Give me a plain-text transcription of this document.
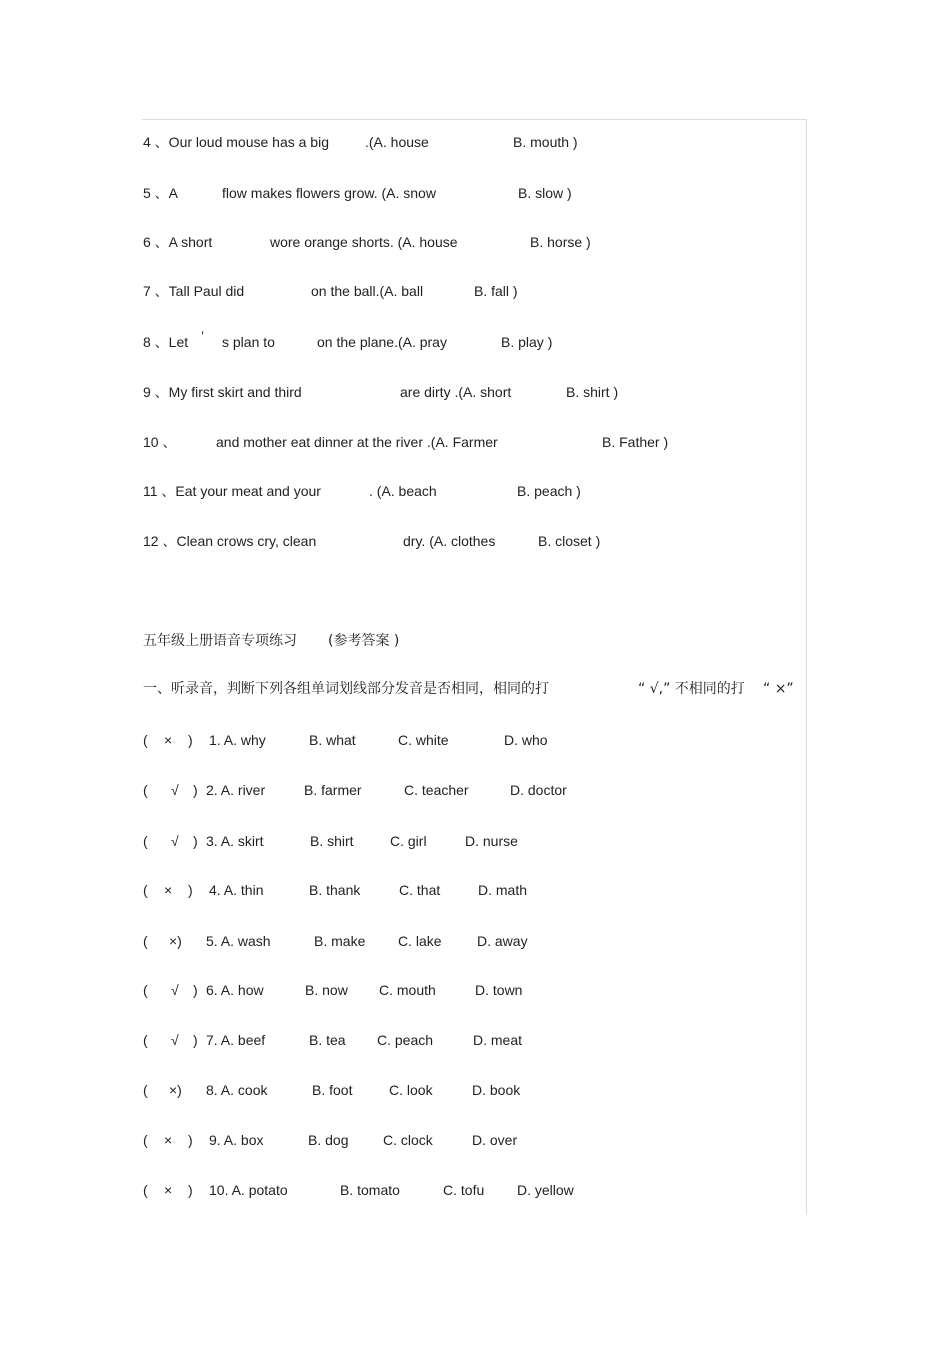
4 、Our loud mouse has a big	.(A. house	B. mouth )
5 、A	flow makes flowers grow. (A. snow	B. slow )
6 、A short	wore orange shorts. (A. house	B. horse )
7 、Tall Paul did	on the ball.(A. ball	B. fall )
8 、Let ’ s plan to	on the plane.(A. pray	B. play )
9 、My first skirt and third	are dirty .(A. short	B. shirt )
10 、	and mother eat dinner at the river .(A. Farmer	B. Father )
11 、Eat your meat and your	. (A. beach	B. peach )
12 、Clean crows cry, clean	dry. (A. clothes	B. closet )
五年级上册语音专项练习 (参考答案 )
一、听录音，判断下列各组单词划线部分发音是否相同，相同的打	“ √,” 不相同的打 “ ×”
( × ) 1. A. why	B. what	C. white	D. who
( √ ) 2. A. river	B. farmer	C. teacher	D. doctor
( √ ) 3. A. skirt	B. shirt	C. girl	D. nurse
( × ) 4. A. thin	B. thank	C. that	D. math
( ×) 5. A. wash	B. make C. lake	D. away
( √ ) 6. A. how	B. now C. mouth	D. town
( √ ) 7. A. beef	B. tea C. peach	D. meat
( ×) 8. A. cook	B. foot	C. look	D. book
( × ) 9. A. box	B. dog C. clock	D. over
( × ) 10. A. potato	B. tomato	C. tofu D. yellow
